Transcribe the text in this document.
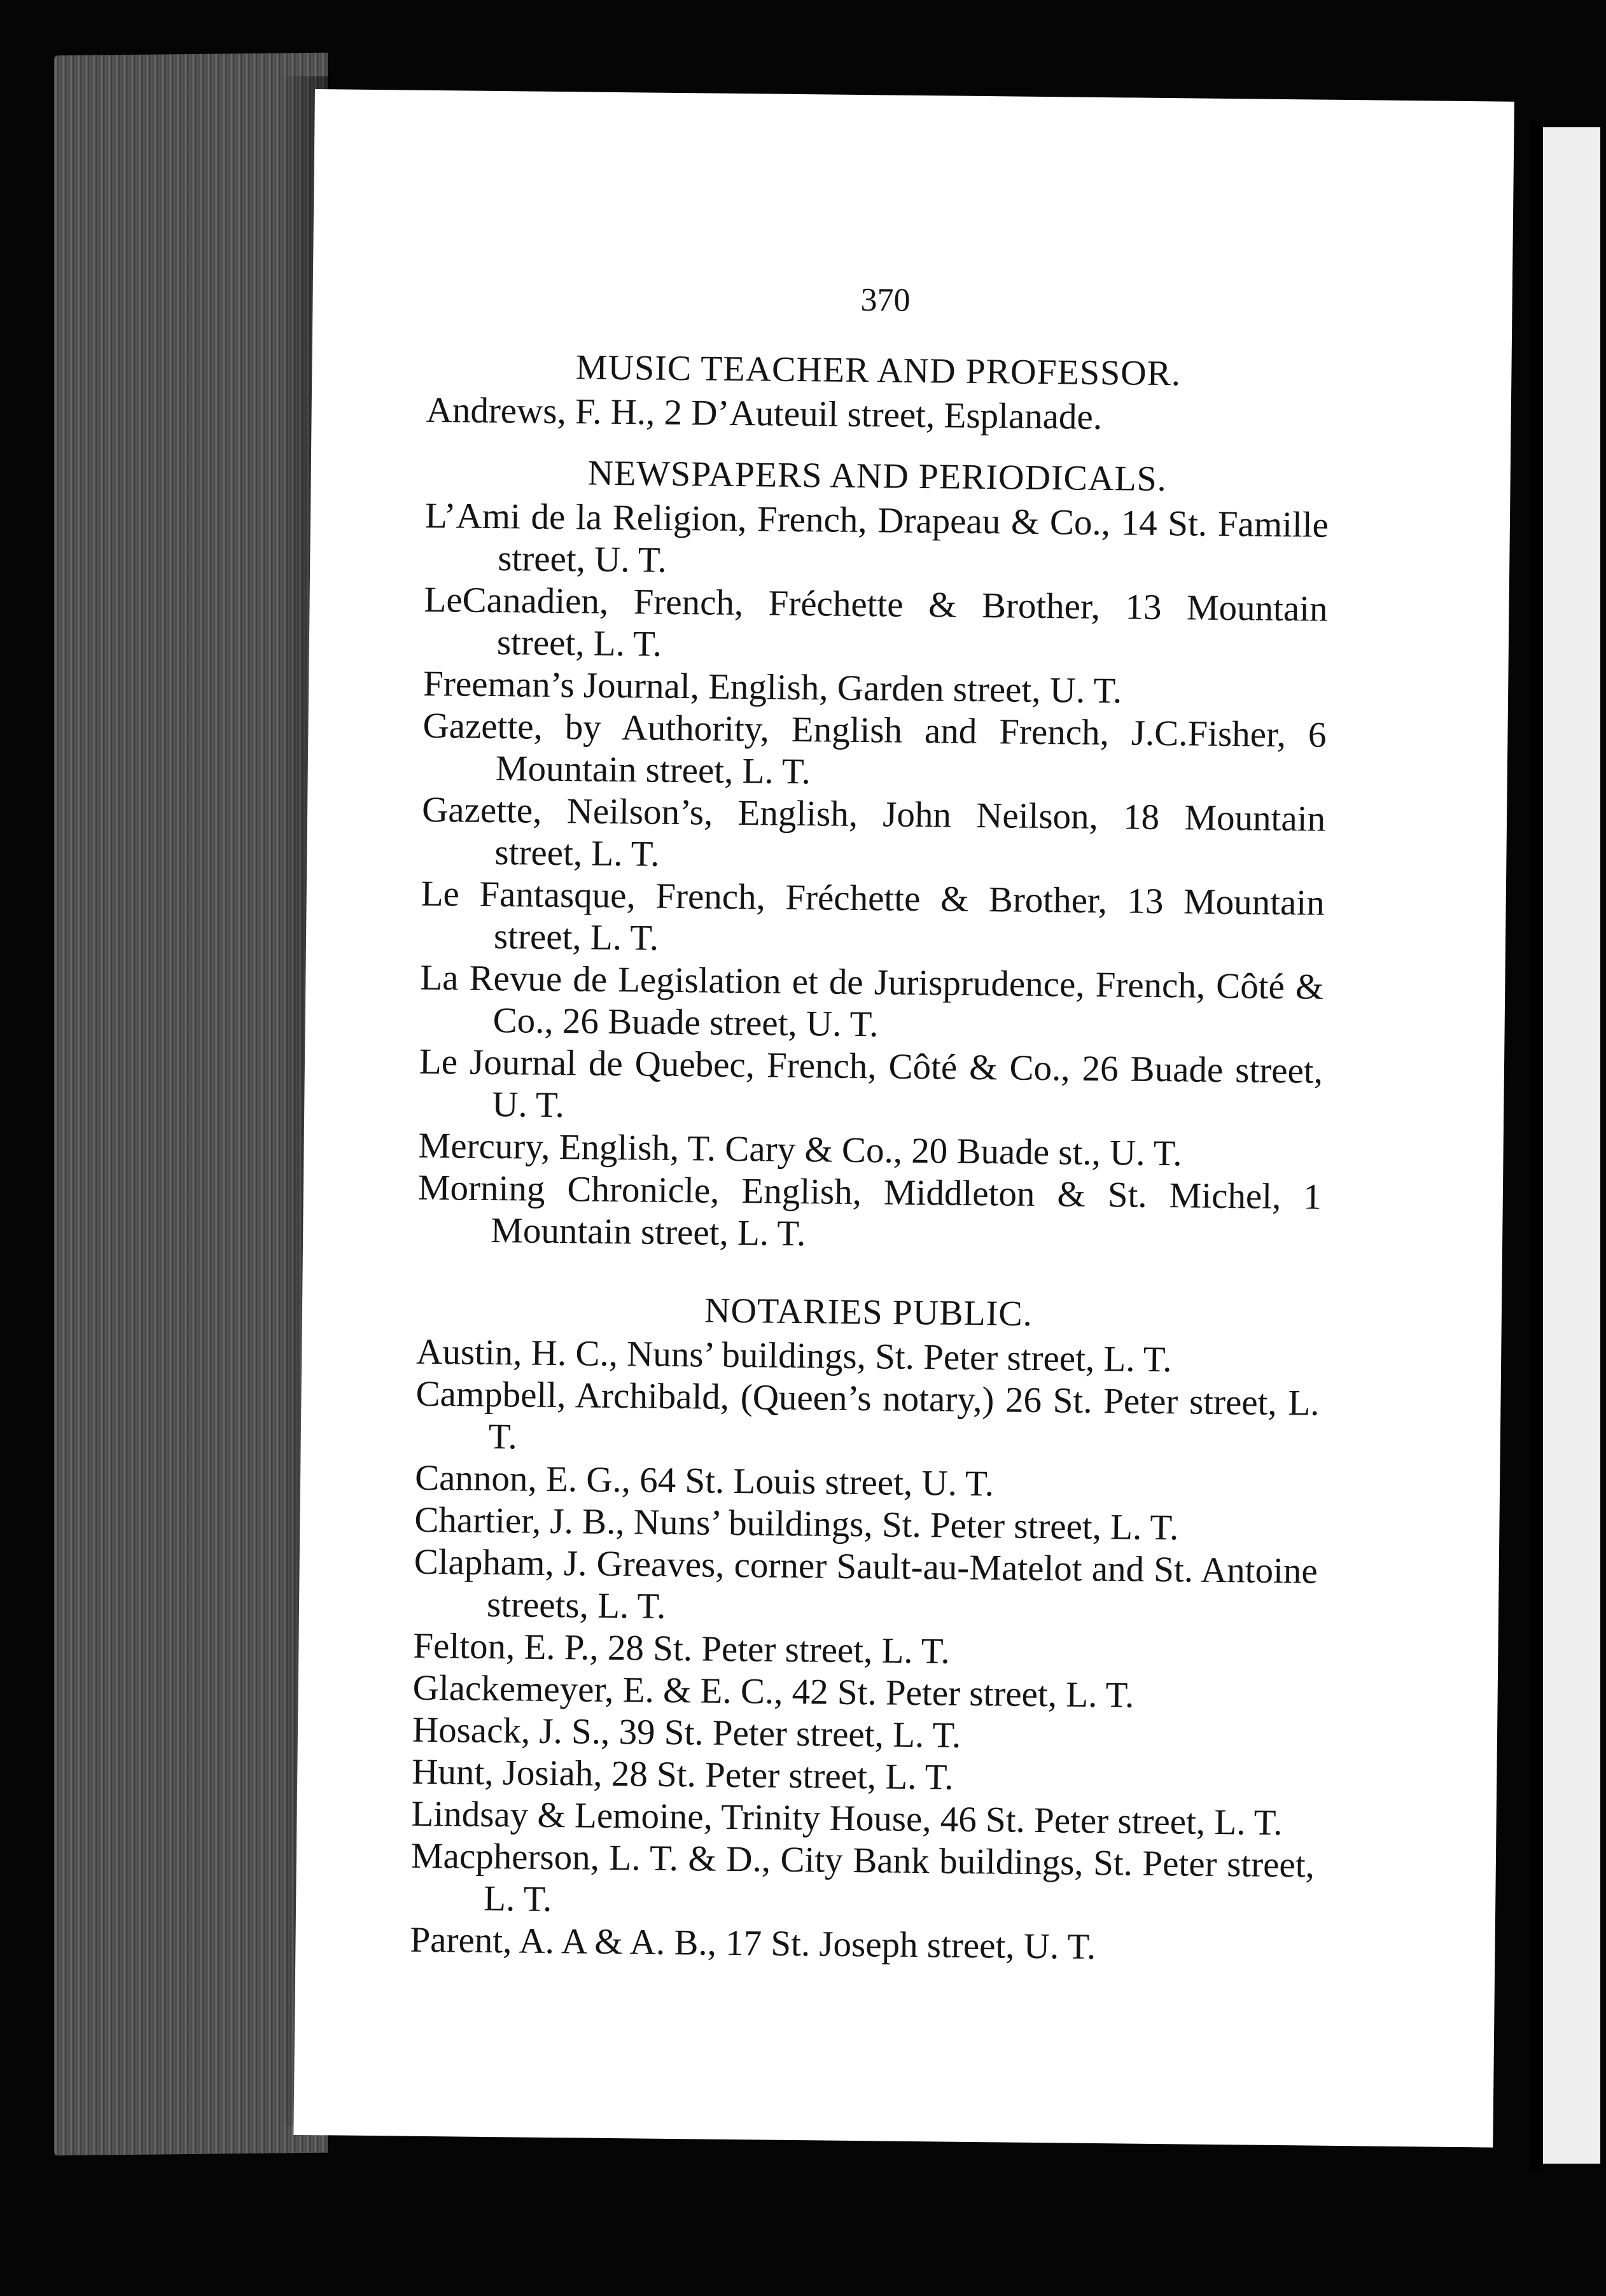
370
MUSIC TEACHER AND PROFESSOR.
Andrews, F. H., 2 D’Auteuil street, Esplanade.
NEWSPAPERS AND PERIODICALS.
L’Ami de la Religion, French, Drapeau & Co., 14 St. Famille street, U. T.
LeCanadien, French, Fréchette & Brother, 13 Mountain street, L. T.
Freeman’s Journal, English, Garden street, U. T.
Gazette, by Authority, English and French, J.C.Fisher, 6 Mountain street, L. T.
Gazette, Neilson’s, English, John Neilson, 18 Mountain street, L. T.
Le Fantasque, French, Fréchette & Brother, 13 Mountain street, L. T.
La Revue de Legislation et de Jurisprudence, French, Côté & Co., 26 Buade street, U. T.
Le Journal de Quebec, French, Côté & Co., 26 Buade street, U. T.
Mercury, English, T. Cary & Co., 20 Buade st., U. T.
Morning Chronicle, English, Middleton & St. Michel, 1 Mountain street, L. T.
NOTARIES PUBLIC.
Austin, H. C., Nuns’ buildings, St. Peter street, L. T.
Campbell, Archibald, (Queen’s notary,) 26 St. Peter street, L. T.
Cannon, E. G., 64 St. Louis street, U. T.
Chartier, J. B., Nuns’ buildings, St. Peter street, L. T.
Clapham, J. Greaves, corner Sault-au-Matelot and St. Antoine streets, L. T.
Felton, E. P., 28 St. Peter street, L. T.
Glackemeyer, E. & E. C., 42 St. Peter street, L. T.
Hosack, J. S., 39 St. Peter street, L. T.
Hunt, Josiah, 28 St. Peter street, L. T.
Lindsay & Lemoine, Trinity House, 46 St. Peter street, L. T.
Macpherson, L. T. & D., City Bank buildings, St. Peter street, L. T.
Parent, A. A & A. B., 17 St. Joseph street, U. T.
